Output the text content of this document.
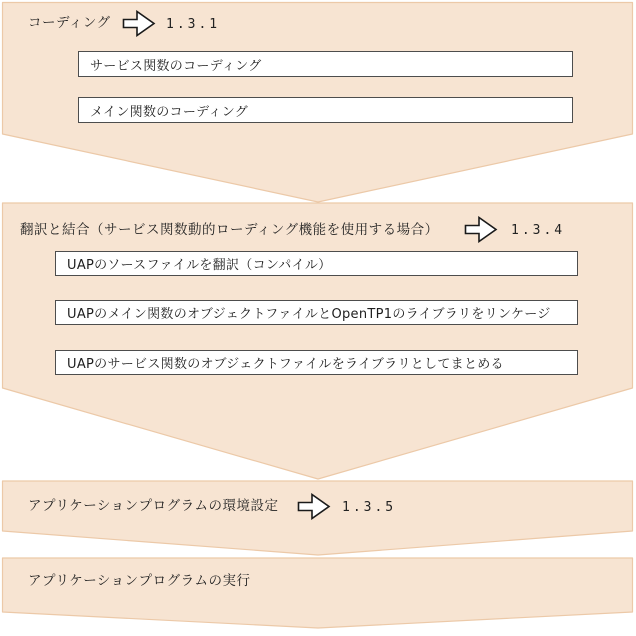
コーディング	1.3.1
サービス関数のコーディング
メイン関数のコーディング
翻訳と結合（サービス関数動的ローディング機能を使用する場合）	1.3.4
UAPのソースファイルを翻訳（コンパイル）
UAPのメイン関数のオブジェクトファイルとOpenTP1のライブラリをリンケージ
UAPのサービス関数のオブジェクトファイルをライブラリとしてまとめる
アプリケーションプログラムの環境設定	1.3.5
アプリケーションプログラムの実行
